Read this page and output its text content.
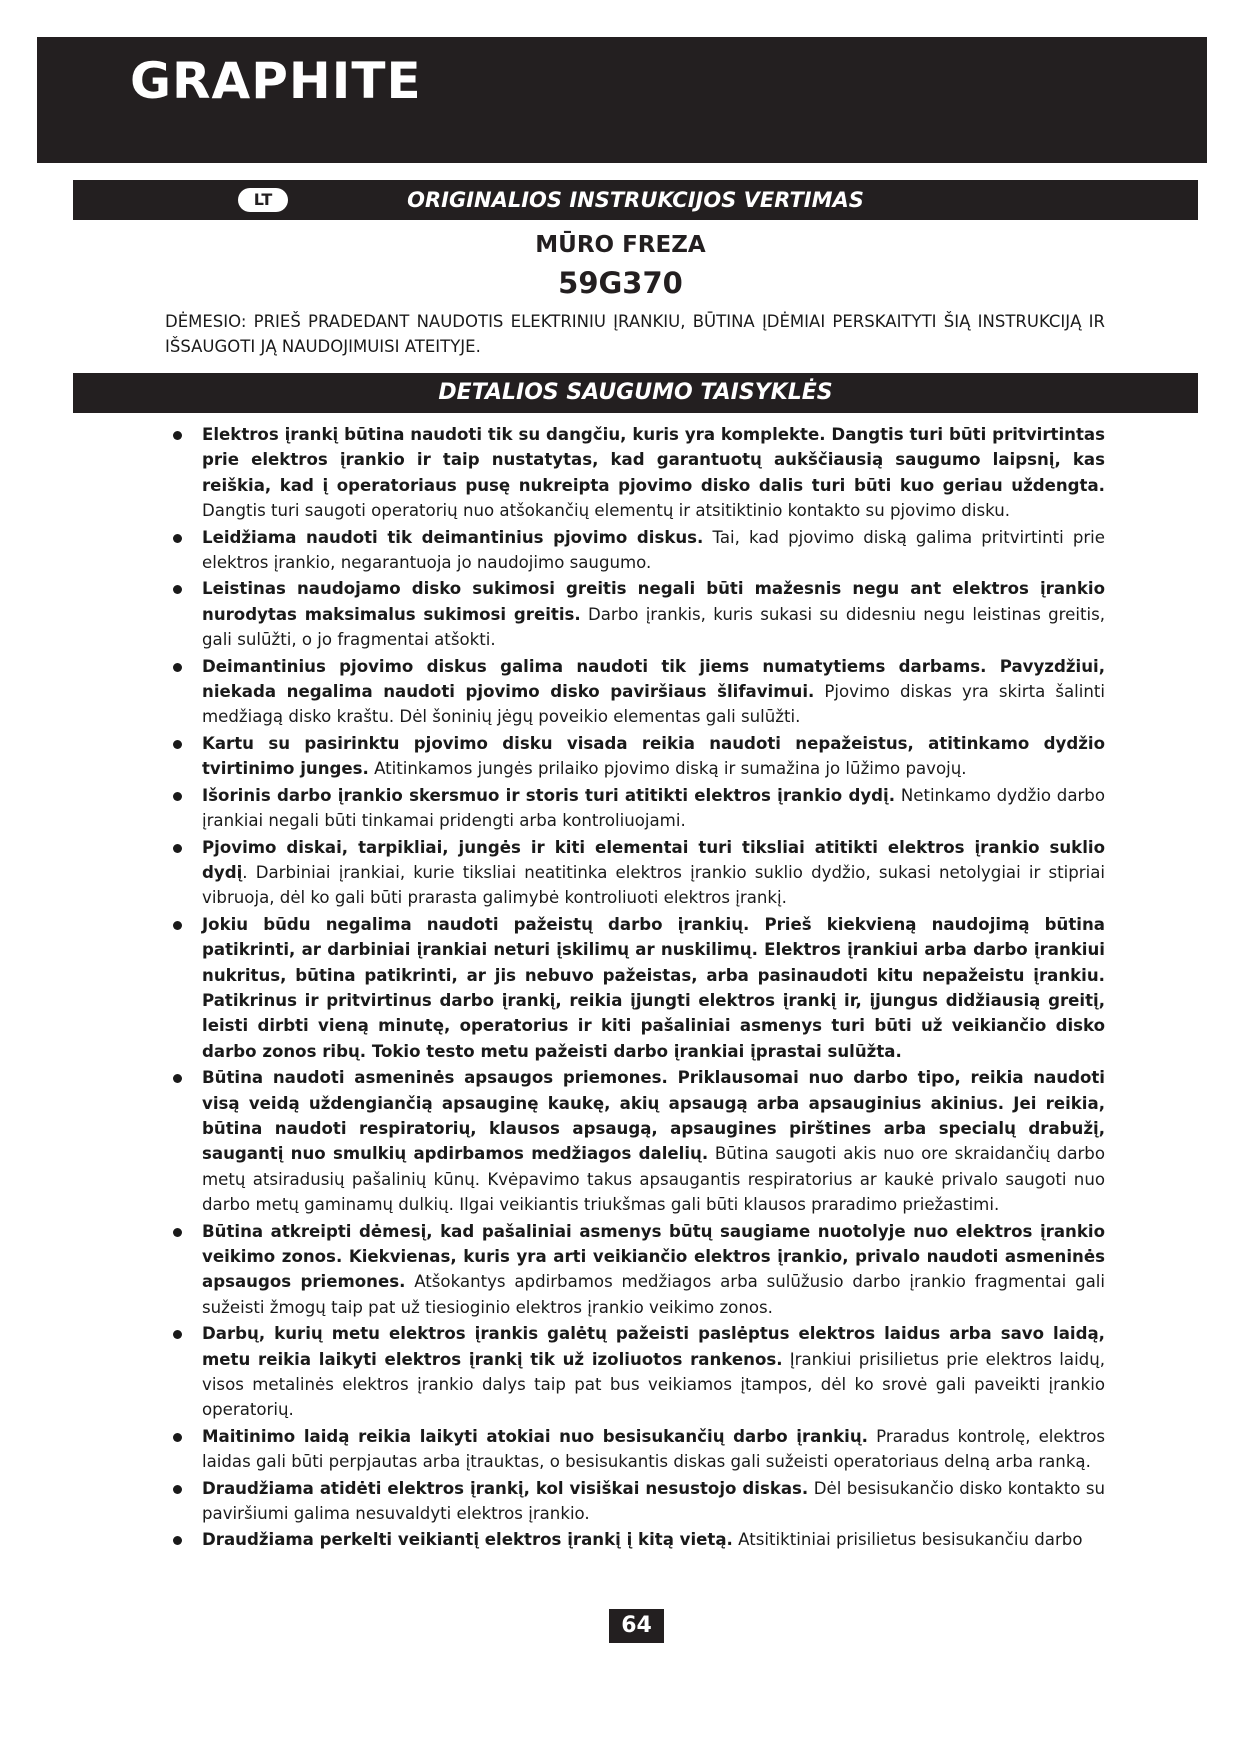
GRAPHITE
LT	ORIGINALIOS INSTRUKCIJOS VERTIMAS
MŪRO FREZA
59G370
DĖMESIO: PRIEŠ PRADEDANT NAUDOTIS ELEKTRINIU ĮRANKIU, BŪTINA ĮDĖMIAI PERSKAITYTI ŠIĄ INSTRUKCIJĄ IR IŠSAUGOTI JĄ NAUDOJIMUISI ATEITYJE.
DETALIOS SAUGUMO TAISYKLĖS
Elektros įrankį būtina naudoti tik su dangčiu, kuris yra komplekte. Dangtis turi būti pritvirtintas prie elektros įrankio ir taip nustatytas, kad garantuotų aukščiausią saugumo laipsnį, kas reiškia, kad į operatoriaus pusę nukreipta pjovimo disko dalis turi būti kuo geriau uždengta. Dangtis turi saugoti operatorių nuo atšokančių elementų ir atsitiktinio kontakto su pjovimo disku.
Leidžiama naudoti tik deimantinius pjovimo diskus. Tai, kad pjovimo diską galima pritvirtinti prie elektros įrankio, negarantuoja jo naudojimo saugumo.
Leistinas naudojamo disko sukimosi greitis negali būti mažesnis negu ant elektros įrankio nurodytas maksimalus sukimosi greitis. Darbo įrankis, kuris sukasi su didesniu negu leistinas greitis, gali sulūžti, o jo fragmentai atšokti.
Deimantinius pjovimo diskus galima naudoti tik jiems numatytiems darbams. Pavyzdžiui, niekada negalima naudoti pjovimo disko paviršiaus šlifavimui. Pjovimo diskas yra skirta šalinti medžiagą disko kraštu. Dėl šoninių jėgų poveikio elementas gali sulūžti.
Kartu su pasirinktu pjovimo disku visada reikia naudoti nepažeistus, atitinkamo dydžio tvirtinimo junges. Atitinkamos jungės prilaiko pjovimo diską ir sumažina jo lūžimo pavojų.
Išorinis darbo įrankio skersmuo ir storis turi atitikti elektros įrankio dydį. Netinkamo dydžio darbo įrankiai negali būti tinkamai pridengti arba kontroliuojami.
Pjovimo diskai, tarpikliai, jungės ir kiti elementai turi tiksliai atitikti elektros įrankio suklio dydį. Darbiniai įrankiai, kurie tiksliai neatitinka elektros įrankio suklio dydžio, sukasi netolygiai ir stipriai vibruoja, dėl ko gali būti prarasta galimybė kontroliuoti elektros įrankį.
Jokiu būdu negalima naudoti pažeistų darbo įrankių. Prieš kiekvieną naudojimą būtina patikrinti, ar darbiniai įrankiai neturi įskilimų ar nuskilimų. Elektros įrankiui arba darbo įrankiui nukritus, būtina patikrinti, ar jis nebuvo pažeistas, arba pasinaudoti kitu nepažeistu įrankiu. Patikrinus ir pritvirtinus darbo įrankį, reikia įjungti elektros įrankį ir, įjungus didžiausią greitį, leisti dirbti vieną minutę, operatorius ir kiti pašaliniai asmenys turi būti už veikiančio disko darbo zonos ribų. Tokio testo metu pažeisti darbo įrankiai įprastai sulūžta.
Būtina naudoti asmeninės apsaugos priemones. Priklausomai nuo darbo tipo, reikia naudoti visą veidą uždengiančią apsauginę kaukę, akių apsaugą arba apsauginius akinius. Jei reikia, būtina naudoti respiratorių, klausos apsaugą, apsaugines pirštines arba specialų drabužį, saugantį nuo smulkių apdirbamos medžiagos dalelių. Būtina saugoti akis nuo ore skraidančių darbo metų atsiradusių pašalinių kūnų. Kvėpavimo takus apsaugantis respiratorius ar kaukė privalo saugoti nuo darbo metų gaminamų dulkių. Ilgai veikiantis triukšmas gali būti klausos praradimo priežastimi.
Būtina atkreipti dėmesį, kad pašaliniai asmenys būtų saugiame nuotolyje nuo elektros įrankio veikimo zonos. Kiekvienas, kuris yra arti veikiančio elektros įrankio, privalo naudoti asmeninės apsaugos priemones. Atšokantys apdirbamos medžiagos arba sulūžusio darbo įrankio fragmentai gali sužeisti žmogų taip pat už tiesioginio elektros įrankio veikimo zonos.
Darbų, kurių metu elektros įrankis galėtų pažeisti paslėptus elektros laidus arba savo laidą, metu reikia laikyti elektros įrankį tik už izoliuotos rankenos. Įrankiui prisilietus prie elektros laidų, visos metalinės elektros įrankio dalys taip pat bus veikiamos įtampos, dėl ko srovė gali paveikti įrankio operatorių.
Maitinimo laidą reikia laikyti atokiai nuo besisukančių darbo įrankių. Praradus kontrolę, elektros laidas gali būti perpjautas arba įtrauktas, o besisukantis diskas gali sužeisti operatoriaus delną arba ranką.
Draudžiama atidėti elektros įrankį, kol visiškai nesustojo diskas. Dėl besisukančio disko kontakto su paviršiumi galima nesuvaldyti elektros įrankio.
Draudžiama perkelti veikiantį elektros įrankį į kitą vietą. Atsitiktiniai prisilietus besisukančiu darbo
64
